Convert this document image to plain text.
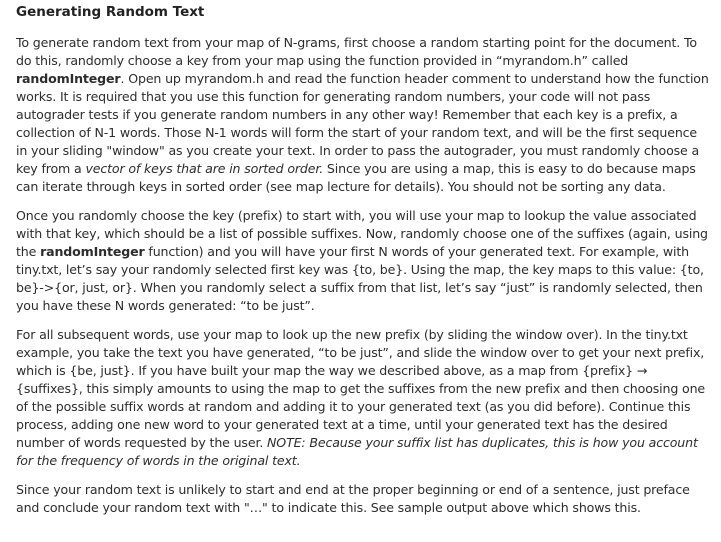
Generating Random Text

To generate random text from your map of N-grams, first choose a random starting point for the document. To do this, randomly choose a key from your map using the function provided in “myrandom.h” called randomInteger. Open up myrandom.h and read the function header comment to understand how the function works. It is required that you use this function for generating random numbers, your code will not pass autograder tests if you generate random numbers in any other way! Remember that each key is a prefix, a collection of N-1 words. Those N-1 words will form the start of your random text, and will be the first sequence in your sliding "window" as you create your text. In order to pass the autograder, you must randomly choose a key from a vector of keys that are in sorted order. Since you are using a map, this is easy to do because maps can iterate through keys in sorted order (see map lecture for details). You should not be sorting any data.

Once you randomly choose the key (prefix) to start with, you will use your map to lookup the value associated with that key, which should be a list of possible suffixes. Now, randomly choose one of the suffixes (again, using the randomInteger function) and you will have your first N words of your generated text. For example, with tiny.txt, let’s say your randomly selected first key was {to, be}. Using the map, the key maps to this value: {to, be}->{or, just, or}. When you randomly select a suffix from that list, let’s say “just” is randomly selected, then you have these N words generated: “to be just”.

For all subsequent words, use your map to look up the new prefix (by sliding the window over). In the tiny.txt example, you take the text you have generated, “to be just”, and slide the window over to get your next prefix, which is {be, just}. If you have built your map the way we described above, as a map from {prefix} → {suffixes}, this simply amounts to using the map to get the suffixes from the new prefix and then choosing one of the possible suffix words at random and adding it to your generated text (as you did before). Continue this process, adding one new word to your generated text at a time, until your generated text has the desired number of words requested by the user. NOTE: Because your suffix list has duplicates, this is how you account for the frequency of words in the original text.

Since your random text is unlikely to start and end at the proper beginning or end of a sentence, just preface and conclude your random text with "…" to indicate this. See sample output above which shows this.
